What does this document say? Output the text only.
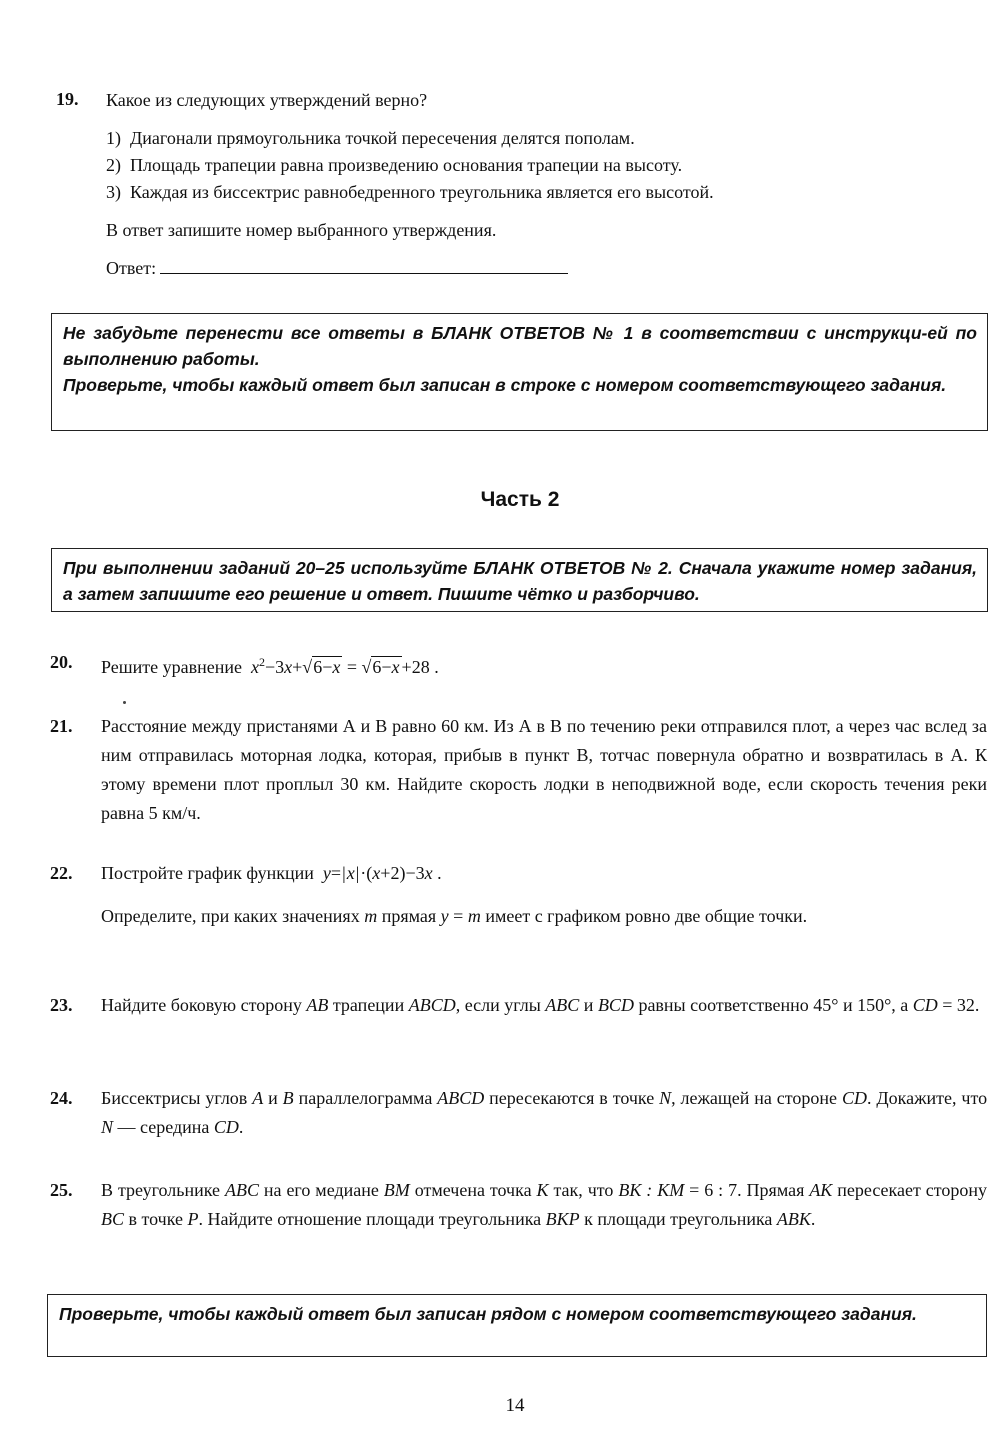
19. Какое из следующих утверждений верно?
1) Диагонали прямоугольника точкой пересечения делятся пополам.
2) Площадь трапеции равна произведению основания трапеции на высоту.
3) Каждая из биссектрис равнобедренного треугольника является его высотой.
В ответ запишите номер выбранного утверждения.
Ответ:

Не забудьте перенести все ответы в БЛАНК ОТВЕТОВ № 1 в соответствии с инструкци-ей по выполнению работы.

Проверьте, чтобы каждый ответ был записан в строке с номером соответствующего задания.

Часть 2

При выполнении заданий 20–25 используйте БЛАНК ОТВЕТОВ № 2. Сначала укажите номер задания, а затем запишите его решение и ответ. Пишите чётко и разборчиво.

20. Решите уравнение $x^2-3x+√6-x = √6-x +28$ .
21. Расстояние между пристанями А и В равно 60 км. Из А в В по течению реки отправился плот, а через час вслед за ним отправилась моторная лодка, которая, прибыв в пункт В, тотчас повернула обратно и возвратилась в А. К этому времени плот проплыл 30 км. Найдите скорость лодки в неподвижной воде, если скорость течения реки равна 5 км/ч.
22. Постройте график функции y=|x|·(x+2)−3x .
Определите, при каких значениях m прямая y = m имеет с графиком ровно две общие точки.
23. Найдите боковую сторону AB трапеции ABCD, если углы ABC и BCD равны соответственно 45° и 150°, а CD = 32.
24. Биссектрисы углов A и B параллелограмма ABCD пересекаются в точке N, лежащей на стороне CD. Докажите, что N — середина CD.
25. В треугольнике ABC на его медиане BM отмечена точка K так, что BK : KM = 6 : 7. Прямая AK пересекает сторону BC в точке P. Найдите отношение площади треугольника BKP к площади треугольника ABK.

Проверьте, чтобы каждый ответ был записан рядом с номером соответствующего задания.

14
